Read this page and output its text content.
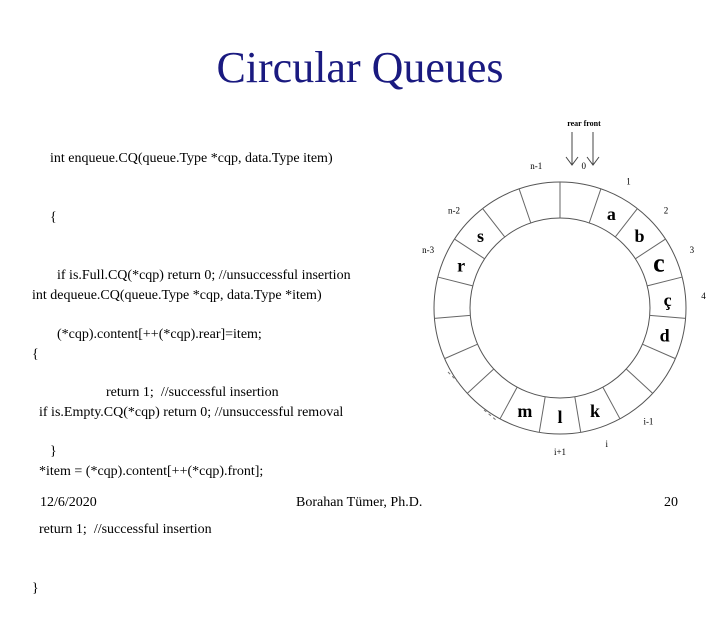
Circular Queues

int enqueue.CQ(queue.Type *cqp, data.Type item)

{

if is.Full.CQ(*cqp) return 0; //unsuccessful insertion

(*cqp).content[++(*cqp).rear]=item;

return 1;  //successful insertion

}

int dequeue.CQ(queue.Type *cqp, data.Type *item)

{

if is.Empty.CQ(*cqp) return 0; //unsuccessful removal

*item = (*cqp).content[++(*cqp).front];

return 1;  //successful insertion

}

n-1	0
a
1
b
2
c	3
ç	4
d
i-1
k
i
l
i+1
m
r
n-3
s
n-2
rear front
12/6/2020	Borahan Tümer, Ph.D.	20
